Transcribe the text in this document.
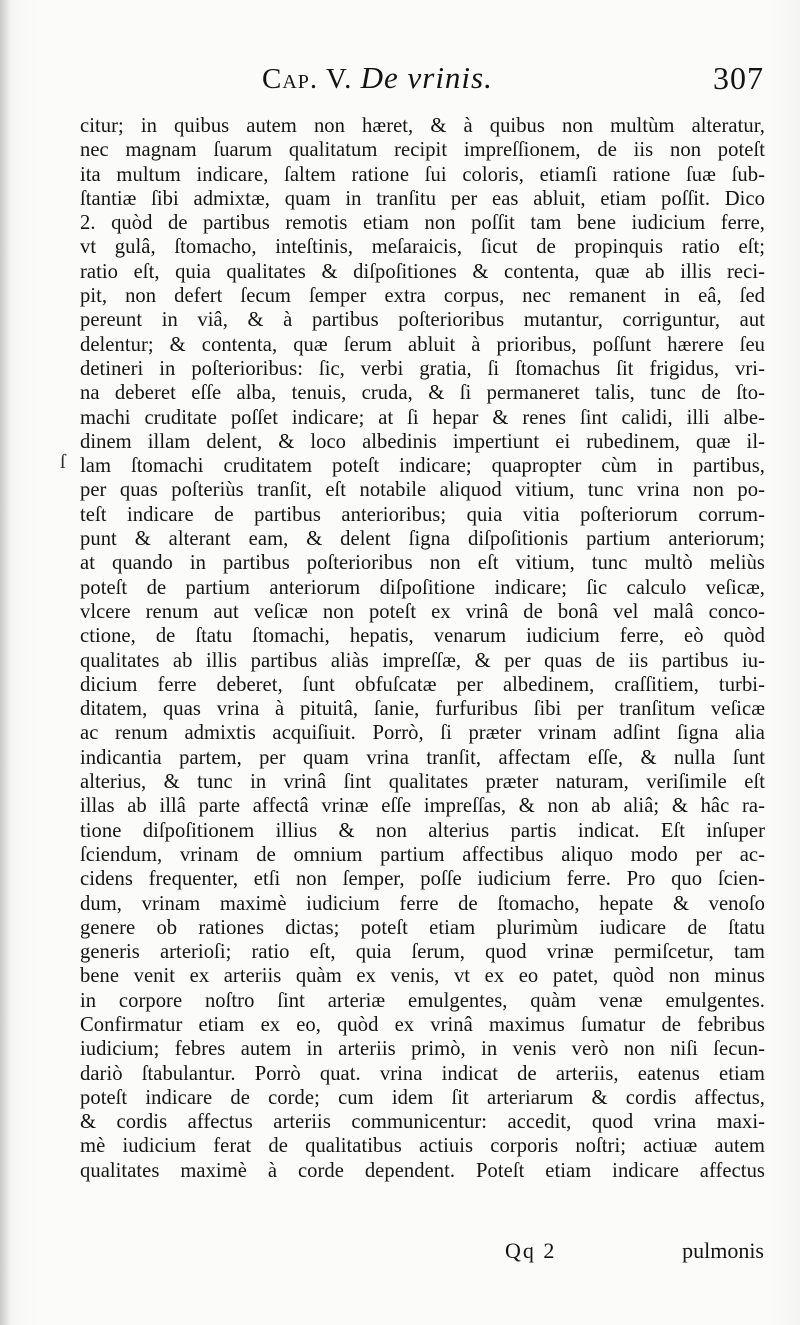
Cap. V. De vrinis.	307
ſ
citur; in quibus autem non hæret, & à quibus non multùm alteratur,
nec magnam ſuarum qualitatum recipit impreſſionem, de iis non poteſt
ita multum indicare, ſaltem ratione ſui coloris, etiamſi ratione ſuæ ſub-
ſtantiæ ſibi admixtæ, quam in tranſitu per eas abluit, etiam poſſit. Dico
2. quòd de partibus remotis etiam non poſſit tam bene iudicium ferre,
vt gulâ, ſtomacho, inteſtinis, meſaraicis, ſicut de propinquis ratio eſt;
ratio eſt, quia qualitates & diſpoſitiones & contenta, quæ ab illis reci-
pit, non defert ſecum ſemper extra corpus, nec remanent in eâ, ſed
pereunt in viâ, & à partibus poſterioribus mutantur, corriguntur, aut
delentur; & contenta, quæ ſerum abluit à prioribus, poſſunt hærere ſeu
detineri in poſterioribus: ſic, verbi gratia, ſi ſtomachus ſit frigidus, vri-
na deberet eſſe alba, tenuis, cruda, & ſi permaneret talis, tunc de ſto-
machi cruditate poſſet indicare; at ſi hepar & renes ſint calidi, illi albe-
dinem illam delent, & loco albedinis impertiunt ei rubedinem, quæ il-
lam ſtomachi cruditatem poteſt indicare; quapropter cùm in partibus,
per quas poſteriùs tranſit, eſt notabile aliquod vitium, tunc vrina non po-
teſt indicare de partibus anterioribus; quia vitia poſteriorum corrum-
punt & alterant eam, & delent ſigna diſpoſitionis partium anteriorum;
at quando in partibus poſterioribus non eſt vitium, tunc multò meliùs
poteſt de partium anteriorum diſpoſitione indicare; ſic calculo veſicæ,
vlcere renum aut veſicæ non poteſt ex vrinâ de bonâ vel malâ conco-
ctione, de ſtatu ſtomachi, hepatis, venarum iudicium ferre, eò quòd
qualitates ab illis partibus aliàs impreſſæ, & per quas de iis partibus iu-
dicium ferre deberet, ſunt obfuſcatæ per albedinem, craſſitiem, turbi-
ditatem, quas vrina à pituitâ, ſanie, furfuribus ſibi per tranſitum veſicæ
ac renum admixtis acquiſiuit. Porrò, ſi præter vrinam adſint ſigna alia
indicantia partem, per quam vrina tranſit, affectam eſſe, & nulla ſunt
alterius, & tunc in vrinâ ſint qualitates præter naturam, veriſimile eſt
illas ab illâ parte affectâ vrinæ eſſe impreſſas, & non ab aliâ; & hâc ra-
tione diſpoſitionem illius & non alterius partis indicat. Eſt inſuper
ſciendum, vrinam de omnium partium affectibus aliquo modo per ac-
cidens frequenter, etſi non ſemper, poſſe iudicium ferre. Pro quo ſcien-
dum, vrinam maximè iudicium ferre de ſtomacho, hepate & venoſo
genere ob rationes dictas; poteſt etiam plurimùm iudicare de ſtatu
generis arterioſi; ratio eſt, quia ſerum, quod vrinæ permiſcetur, tam
bene venit ex arteriis quàm ex venis, vt ex eo patet, quòd non minus
in corpore noſtro ſint arteriæ emulgentes, quàm venæ emulgentes.
Confirmatur etiam ex eo, quòd ex vrinâ maximus ſumatur de febribus
iudicium; febres autem in arteriis primò, in venis verò non niſi ſecun-
dariò ſtabulantur. Porrò quat. vrina indicat de arteriis, eatenus etiam
poteſt indicare de corde; cum idem ſit arteriarum & cordis affectus,
& cordis affectus arteriis communicentur: accedit, quod vrina maxi-
mè iudicium ferat de qualitatibus actiuis corporis noſtri; actiuæ autem
qualitates maximè à corde dependent. Poteſt etiam indicare affectus
Qq 2	pulmonis
